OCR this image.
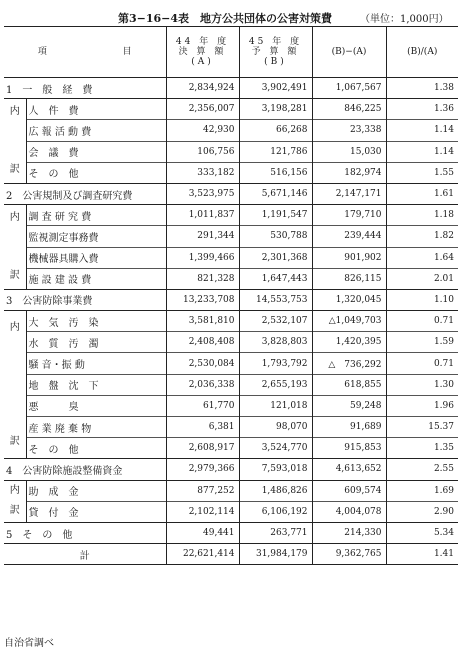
第3−16−4表　地方公共団体の公害対策費	（単位：1,000円）
項 目		44 年 度
決 算 額
(A)	45 年 度
予 算 額
(B)	(B)−(A)	(B)/(A)
1　一　般　経　費		2,834,924	3,902,491	1,067,567	1.38

内
訳	人　件　費	2,356,007	3,198,281	846,225	1.36
	広 報 活 動 費	42,930	66,268	23,338	1.14
	会　議　費	106,756	121,786	15,030	1.14
	そ　の　他	333,182	516,156	182,974	1.55
2　公害規制及び調査研究費		3,523,975	5,671,146	2,147,171	1.61

内
訳	調 査 研 究 費	1,011,837	1,191,547	179,710	1.18
	監視測定事務費	291,344	530,788	239,444	1.82
	機械器具購入費	1,399,466	2,301,368	901,902	1.64
	施 設 建 設 費	821,328	1,647,443	826,115	2.01
3　公害防除事業費		13,233,708	14,553,753	1,320,045	1.10

内
訳	大　気　汚　染	3,581,810	2,532,107	△1,049,703	0.71
	水　質　汚　濁	2,408,408	3,828,803	1,420,395	1.59
	騒 音・振 動	2,530,084	1,793,792	△　736,292	0.71
	地　盤　沈　下	2,036,338	2,655,193	618,855	1.30
	悪　　　臭	61,770	121,018	59,248	1.96
	産 業 廃 棄 物	6,381	98,070	91,689	15.37
	そ　の　他	2,608,917	3,524,770	915,853	1.35
4　公害防除施設整備資金		2,979,366	7,593,018	4,613,652	2.55

内
訳	助　成　金	877,252	1,486,826	609,574	1.69
	貸　付　金	2,102,114	6,106,192	4,004,078	2.90
5　そ　の　他		49,441	263,771	214,330	5.34
計		22,621,414	31,984,179	9,362,765	1.41
自治省調べ
